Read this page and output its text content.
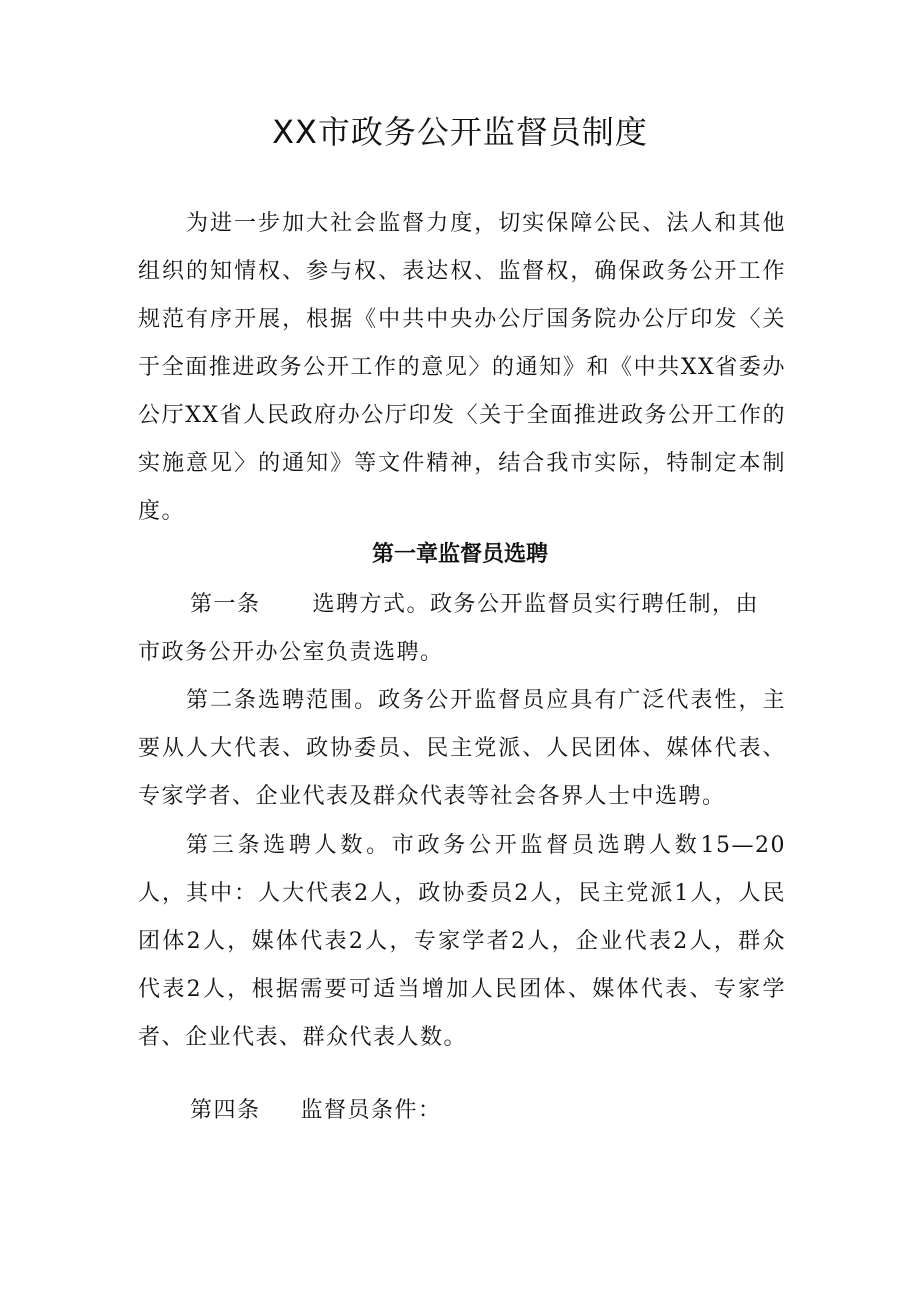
XX市政务公开监督员制度

为进一步加大社会监督力度，切实保障公民、法人和其他组织的知情权、参与权、表达权、监督权，确保政务公开工作规范有序开展，根据《中共中央办公厅国务院办公厅印发〈关于全面推进政务公开工作的意见〉的通知》和《中共XX省委办公厅XX省人民政府办公厅印发〈关于全面推进政务公开工作的实施意见〉的通知》等文件精神，结合我市实际，特制定本制度。

第一章监督员选聘
第一条 选聘方式。政务公开监督员实行聘任制，由
市政务公开办公室负责选聘。

第二条选聘范围。政务公开监督员应具有广泛代表性，主要从人大代表、政协委员、民主党派、人民团体、媒体代表、专家学者、企业代表及群众代表等社会各界人士中选聘。

第三条选聘人数。市政务公开监督员选聘人数15—20人，其中：人大代表2人，政协委员2人，民主党派1人，人民团体2人，媒体代表2人，专家学者2人，企业代表2人，群众代表2人，根据需要可适当增加人民团体、媒体代表、专家学者、企业代表、群众代表人数。

第四条 监督员条件：
